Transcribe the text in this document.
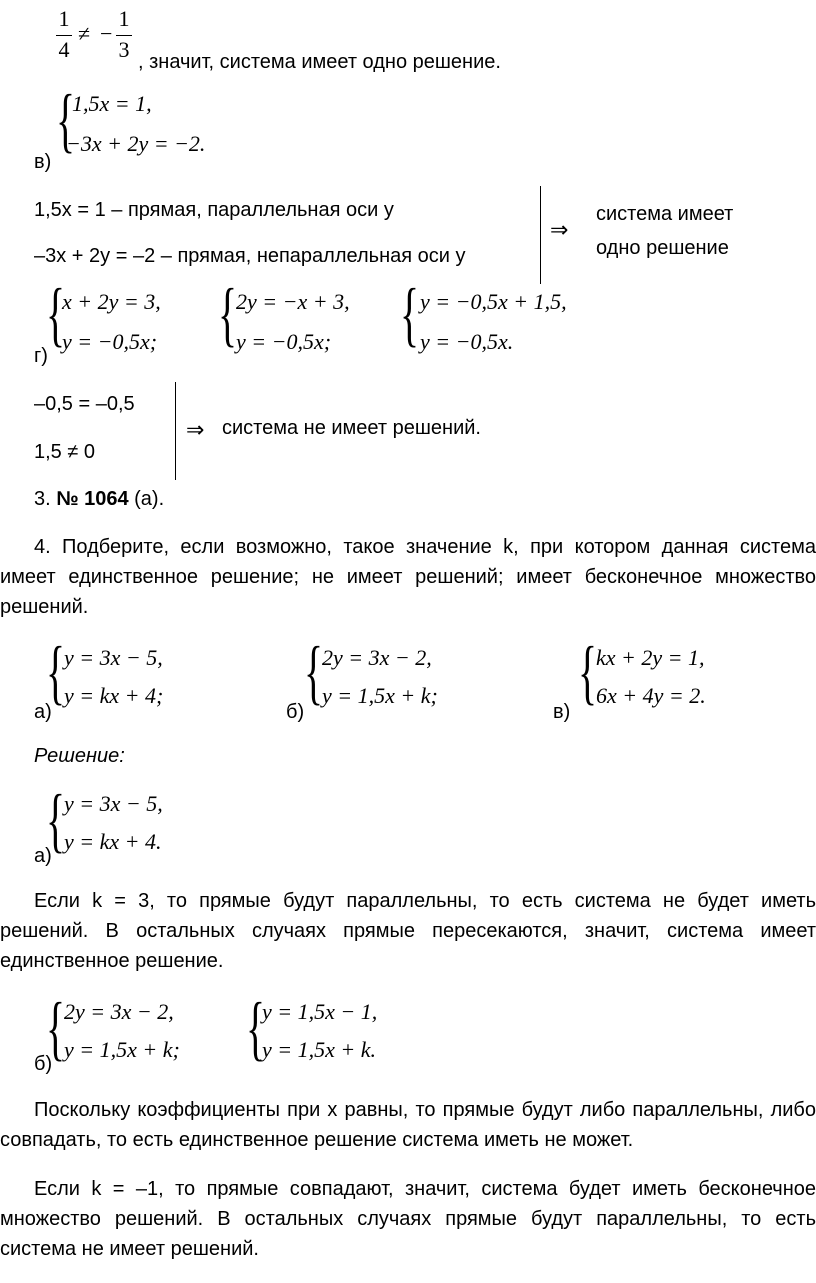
1
4
≠ −
1
3 , значит, система имеет одно решение.
{
1,5x = 1,
−3x + 2y = −2.
в)
1,5x = 1 – прямая, параллельная оси y
–3x + 2y = –2 – прямая, непараллельная оси y
⇒
система имеет
одно решение
{
x + 2y = 3,
y = −0,5x; {
2y = −x + 3,
y = −0,5x; { y = −0,5x + 1,5,
y = −0,5x.
г)
–0,5 = –0,5
1,5 ≠ 0
⇒ система не имеет решений.
3. № 1064 (а).
4. Подберите, если возможно, такое значение k, при котором данная система имеет единственное решение; не имеет решений; имеет бесконечное множество решений.
{
y = 3x − 5,
y = kx + 4;
а)	{
2y = 3x − 2,
y = 1,5x + k;
б)	{
kx + 2y = 1,
6x + 4y = 2.
в)
Решение:
{
y = 3x − 5,
y = kx + 4.
а)
Если k = 3, то прямые будут параллельны, то есть система не будет иметь решений. В остальных случаях прямые пересекаются, значит, система имеет единственное решение.
{
2y = 3x − 2,
y = 1,5x + k; {
y = 1,5x − 1,
y = 1,5x + k.
б)
Поскольку коэффициенты при x равны, то прямые будут либо параллельны, либо совпадать, то есть единственное решение система иметь не может.
Если k = –1, то прямые совпадают, значит, система будет иметь бесконечное множество решений. В остальных случаях прямые будут параллельны, то есть система не имеет решений.
